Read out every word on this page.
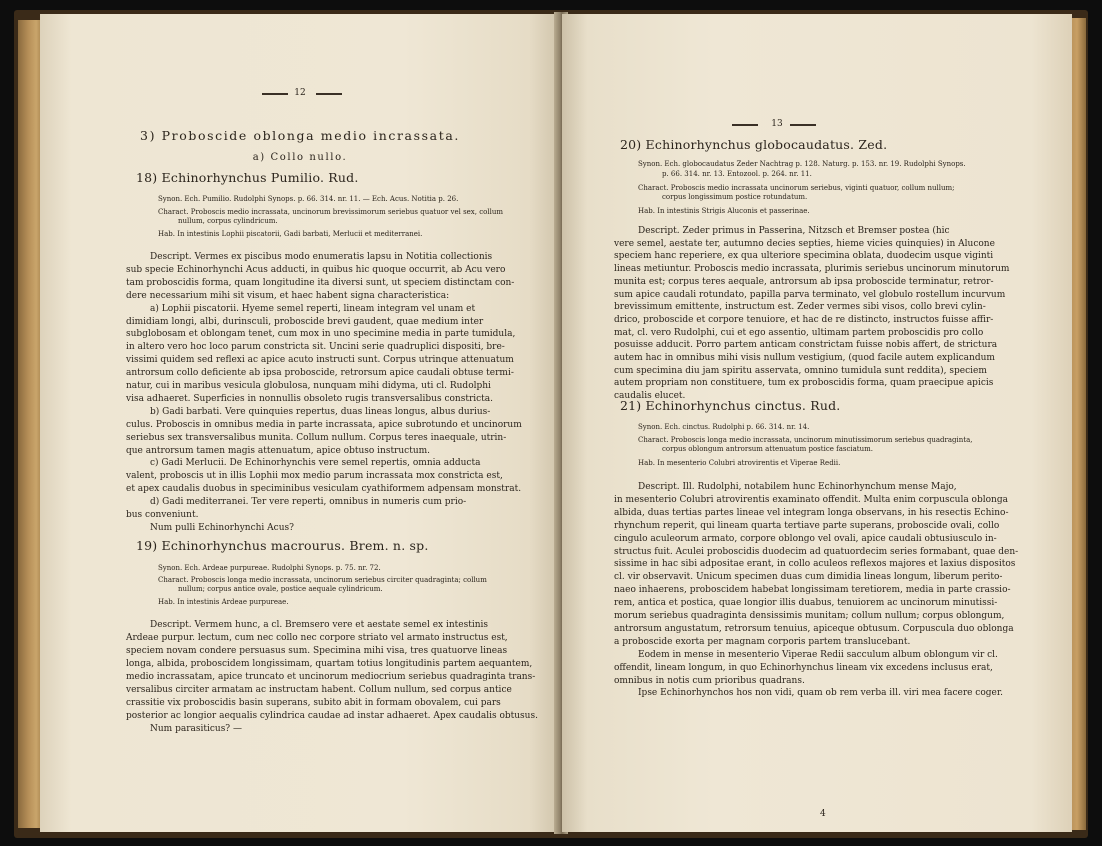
12
3) Proboscide oblonga medio incrassata.
a) Collo nullo.
18) Echinorhynchus Pumilio. Rud.
Synon. Ech. Pumilio. Rudolphi Synops. p. 66. 314. nr. 11. — Ech. Acus. Notitia p. 26.
Charact. Proboscis medio incrassata, uncinorum brevissimorum seriebus quatuor vel sex, collum
nullum, corpus cylindricum.
Hab. In intestinis Lophii piscatorii, Gadi barbati, Merlucii et mediterranei.
Descript. Vermes ex piscibus modo enumeratis lapsu in Notitia collectionis
sub specie Echinorhynchi Acus adducti, in quibus hic quoque occurrit, ab Acu vero
tam proboscidis forma, quam longitudine ita diversi sunt, ut speciem distinctam con-
dere necessarium mihi sit visum, et haec habent signa characteristica:
a) Lophii piscatorii. Hyeme semel reperti, lineam integram vel unam et
dimidiam longi, albi, durinsculi, proboscide brevi gaudent, quae medium inter
subglobosam et oblongam tenet, cum mox in uno specimine media in parte tumidula,
in altero vero hoc loco parum constricta sit. Uncini serie quadruplici dispositi, bre-
vissimi quidem sed reflexi ac apice acuto instructi sunt. Corpus utrinque attenuatum
antrorsum collo deficiente ab ipsa proboscide, retrorsum apice caudali obtuse termi-
natur, cui in maribus vesicula globulosa, nunquam mihi didyma, uti cl. Rudolphi
visa adhaeret. Superficies in nonnullis obsoleto rugis transversalibus constricta.
b) Gadi barbati. Vere quinquies repertus, duas lineas longus, albus durius-
culus. Proboscis in omnibus media in parte incrassata, apice subrotundo et uncinorum
seriebus sex transversalibus munita. Collum nullum. Corpus teres inaequale, utrin-
que antrorsum tamen magis attenuatum, apice obtuso instructum.
c) Gadi Merlucii. De Echinorhynchis vere semel repertis, omnia adducta
valent, proboscis ut in illis Lophii mox medio parum incrassata mox constricta est,
et apex caudalis duobus in speciminibus vesiculam cyathiformem adpensam monstrat.
d) Gadi mediterranei. Ter vere reperti, omnibus in numeris cum prio-
bus conveniunt.
Num pulli Echinorhynchi Acus?
19) Echinorhynchus macrourus. Brem. n. sp.
Synon. Ech. Ardeae purpureae. Rudolphi Synops. p. 75. nr. 72.
Charact. Proboscis longa medio incrassata, uncinorum seriebus circiter quadraginta; collum
nullum; corpus antice ovale, postice aequale cylindricum.
Hab. In intestinis Ardeae purpureae.
Descript. Vermem hunc, a cl. Bremsero vere et aestate semel ex intestinis
Ardeae purpur. lectum, cum nec collo nec corpore striato vel armato instructus est,
speciem novam condere persuasus sum. Specimina mihi visa, tres quatuorve lineas
longa, albida, proboscidem longissimam, quartam totius longitudinis partem aequantem,
medio incrassatam, apice truncato et uncinorum mediocrium seriebus quadraginta trans-
versalibus circiter armatam ac instructam habent. Collum nullum, sed corpus antice
crassitie vix proboscidis basin superans, subito abit in formam obovalem, cui pars
posterior ac longior aequalis cylindrica caudae ad instar adhaeret. Apex caudalis obtusus.
Num parasiticus? —
13
20) Echinorhynchus globocaudatus. Zed.
Synon. Ech. globocaudatus Zeder Nachtrag p. 128. Naturg. p. 153. nr. 19. Rudolphi Synops.
p. 66. 314. nr. 13. Entozool. p. 264. nr. 11.
Charact. Proboscis medio incrassata uncinorum seriebus, viginti quatuor, collum nullum;
corpus longissimum postice rotundatum.
Hab. In intestinis Strigis Aluconis et passerinae.
Descript. Zeder primus in Passerina, Nitzsch et Bremser postea (hic
vere semel, aestate ter, autumno decies septies, hieme vicies quinquies) in Alucone
speciem hanc reperiere, ex qua ulteriore specimina oblata, duodecim usque viginti
lineas metiuntur. Proboscis medio incrassata, plurimis seriebus uncinorum minutorum
munita est; corpus teres aequale, antrorsum ab ipsa proboscide terminatur, retror-
sum apice caudali rotundato, papilla parva terminato, vel globulo rostellum incurvum
brevissimum emittente, instructum est. Zeder vermes sibi visos, collo brevi cylin-
drico, proboscide et corpore tenuiore, et hac de re distincto, instructos fuisse affir-
mat, cl. vero Rudolphi, cui et ego assentio, ultimam partem proboscidis pro collo
posuisse adducit. Porro partem anticam constrictam fuisse nobis affert, de strictura
autem hac in omnibus mihi visis nullum vestigium, (quod facile autem explicandum
cum specimina diu jam spiritu asservata, omnino tumidula sunt reddita), speciem
autem propriam non constituere, tum ex proboscidis forma, quam praecipue apicis
caudalis elucet.
21) Echinorhynchus cinctus. Rud.
Synon. Ech. cinctus. Rudolphi p. 66. 314. nr. 14.
Charact. Proboscis longa medio incrassata, uncinorum minutissimorum seriebus quadraginta,
corpus oblongum antrorsum attenuatum postice fasciatum.
Hab. In mesenterio Colubri atrovirentis et Viperae Redii.
Descript. Ill. Rudolphi, notabilem hunc Echinorhynchum mense Majo,
in mesenterio Colubri atrovirentis examinato offendit. Multa enim corpuscula oblonga
albida, duas tertias partes lineae vel integram longa observans, in his resectis Echino-
rhynchum reperit, qui lineam quarta tertiave parte superans, proboscide ovali, collo
cingulo aculeorum armato, corpore oblongo vel ovali, apice caudali obtusiusculo in-
structus fuit. Aculei proboscidis duodecim ad quatuordecim series formabant, quae den-
sissime in hac sibi adpositae erant, in collo aculeos reflexos majores et laxius dispositos
cl. vir observavit. Unicum specimen duas cum dimidia lineas longum, liberum perito-
naeo inhaerens, proboscidem habebat longissimam teretiorem, media in parte crassio-
rem, antica et postica, quae longior illis duabus, tenuiorem ac uncinorum minutissi-
morum seriebus quadraginta densissimis munitam; collum nullum; corpus oblongum,
antrorsum angustatum, retrorsum tenuius, apiceque obtusum. Corpuscula duo oblonga
a proboscide exorta per magnam corporis partem translucebant.
Eodem in mense in mesenterio Viperae Redii sacculum album oblongum vir cl.
offendit, lineam longum, in quo Echinorhynchus lineam vix excedens inclusus erat,
omnibus in notis cum prioribus quadrans.
Ipse Echinorhynchos hos non vidi, quam ob rem verba ill. viri mea facere coger.
4
